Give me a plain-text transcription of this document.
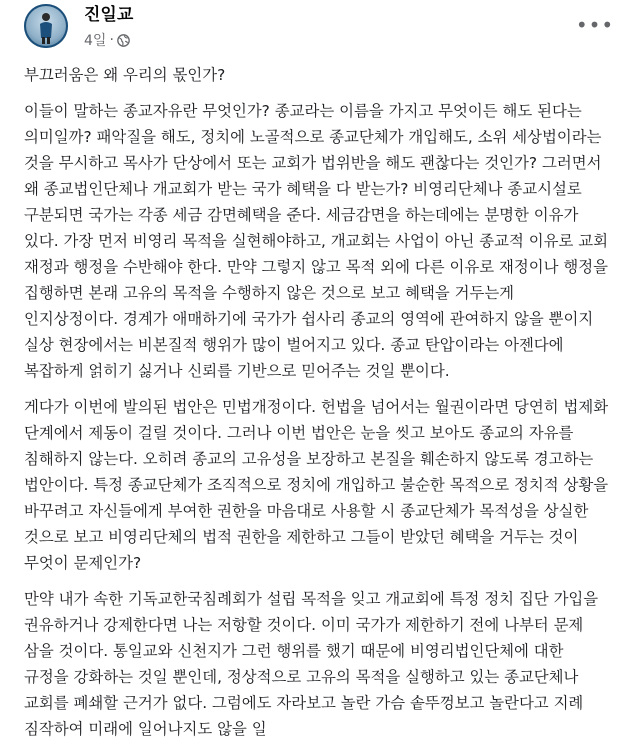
진일교
4일 ·
•••

부끄러움은 왜 우리의 몫인가?

이들이 말하는 종교자유란 무엇인가? 종교라는 이름을 가지고 무엇이든 해도 된다는 의미일까? 패악질을 해도, 정치에 노골적으로 종교단체가 개입해도, 소위 세상법이라는 것을 무시하고 목사가 단상에서 또는 교회가 법위반을 해도 괜찮다는 것인가? 그러면서 왜 종교법인단체나 개교회가 받는 국가 혜택을 다 받는가? 비영리단체나 종교시설로 구분되면 국가는 각종 세금 감면혜택을 준다. 세금감면을 하는데에는 분명한 이유가 있다. 가장 먼저 비영리 목적을 실현해야하고, 개교회는 사업이 아닌 종교적 이유로 교회 재정과 행정을 수반해야 한다. 만약 그렇지 않고 목적 외에 다른 이유로 재정이나 행정을 집행하면 본래 고유의 목적을 수행하지 않은 것으로 보고 혜택을 거두는게 인지상정이다. 경계가 애매하기에 국가가 쉽사리 종교의 영역에 관여하지 않을 뿐이지 실상 현장에서는 비본질적 행위가 많이 벌어지고 있다. 종교 탄압이라는 아젠다에 복잡하게 얽히기 싫거나 신뢰를 기반으로 믿어주는 것일 뿐이다.

게다가 이번에 발의된 법안은 민법개정이다. 헌법을 넘어서는 월권이라면 당연히 법제화 단계에서 제동이 걸릴 것이다. 그러나 이번 법안은 눈을 씻고 보아도 종교의 자유를 침해하지 않는다. 오히려 종교의 고유성을 보장하고 본질을 훼손하지 않도록 경고하는 법안이다. 특정 종교단체가 조직적으로 정치에 개입하고 불순한 목적으로 정치적 상황을 바꾸려고 자신들에게 부여한 권한을 마음대로 사용할 시 종교단체가 목적성을 상실한 것으로 보고 비영리단체의 법적 권한을 제한하고 그들이 받았던 혜택을 거두는 것이 무엇이 문제인가?

만약 내가 속한 기독교한국침례회가 설립 목적을 잊고 개교회에 특정 정치 집단 가입을 권유하거나 강제한다면 나는 저항할 것이다. 이미 국가가 제한하기 전에 나부터 문제 삼을 것이다. 통일교와 신천지가 그런 행위를 했기 때문에 비영리법인단체에 대한 규정을 강화하는 것일 뿐인데, 정상적으로 고유의 목적을 실행하고 있는 종교단체나 교회를 폐쇄할 근거가 없다. 그럼에도 자라보고 놀란 가슴 솥뚜껑보고 놀란다고 지례 짐작하여 미래에 일어나지도 않을 일
